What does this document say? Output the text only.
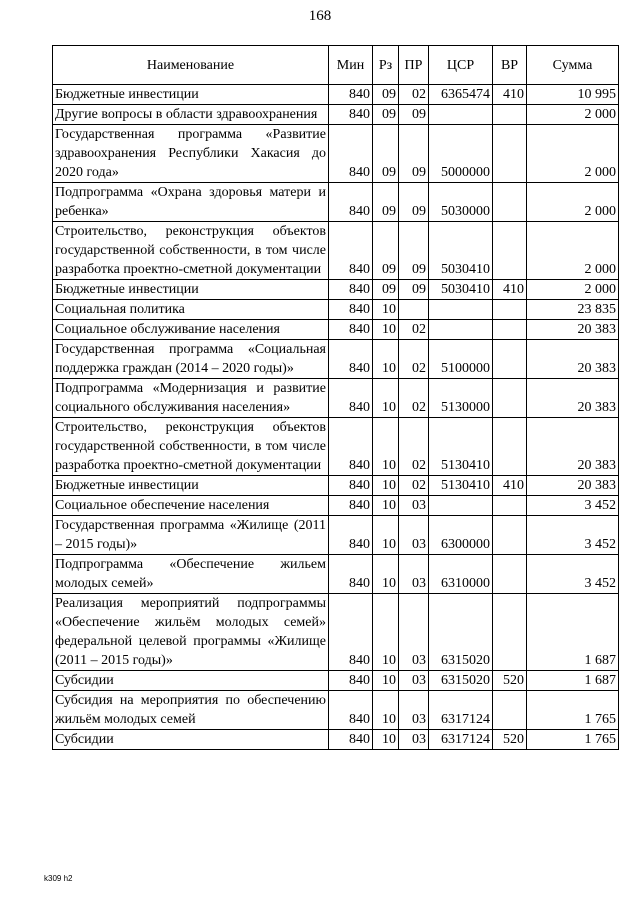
168
Наименование	Мин	Рз	ПР	ЦСР	ВР	Сумма
Бюджетные инвестиции	840	09	02	6365474	410	10 995
Другие вопросы в области здравоохранения	840	09	09			2 000
Государственная программа «Развитие здравоохранения Республики Хакасия до 2020 года»	840	09	09	5000000		2 000
Подпрограмма «Охрана здоровья матери и ребенка»	840	09	09	5030000		2 000
Строительство, реконструкция объектов государственной собственности, в том числе разработка проектно-сметной документации	840	09	09	5030410		2 000
Бюджетные инвестиции	840	09	09	5030410	410	2 000
Социальная политика	840	10				23 835
Социальное обслуживание населения	840	10	02			20 383
Государственная программа «Социальная поддержка граждан (2014 – 2020 годы)»	840	10	02	5100000		20 383
Подпрограмма «Модернизация и развитие социального обслуживания населения»	840	10	02	5130000		20 383
Строительство, реконструкция объектов государственной собственности, в том числе разработка проектно-сметной документации	840	10	02	5130410		20 383
Бюджетные инвестиции	840	10	02	5130410	410	20 383
Социальное обеспечение населения	840	10	03			3 452
Государственная программа «Жилище (2011 – 2015 годы)»	840	10	03	6300000		3 452
Подпрограмма «Обеспечение жильем молодых семей»	840	10	03	6310000		3 452
Реализация мероприятий подпрограммы «Обеспечение жильём молодых семей» федеральной целевой программы «Жилище (2011 – 2015 годы)»	840	10	03	6315020		1 687
Субсидии	840	10	03	6315020	520	1 687
Субсидия на мероприятия по обеспечению жильём молодых семей	840	10	03	6317124		1 765
Субсидии	840	10	03	6317124	520	1 765
k309 h2
